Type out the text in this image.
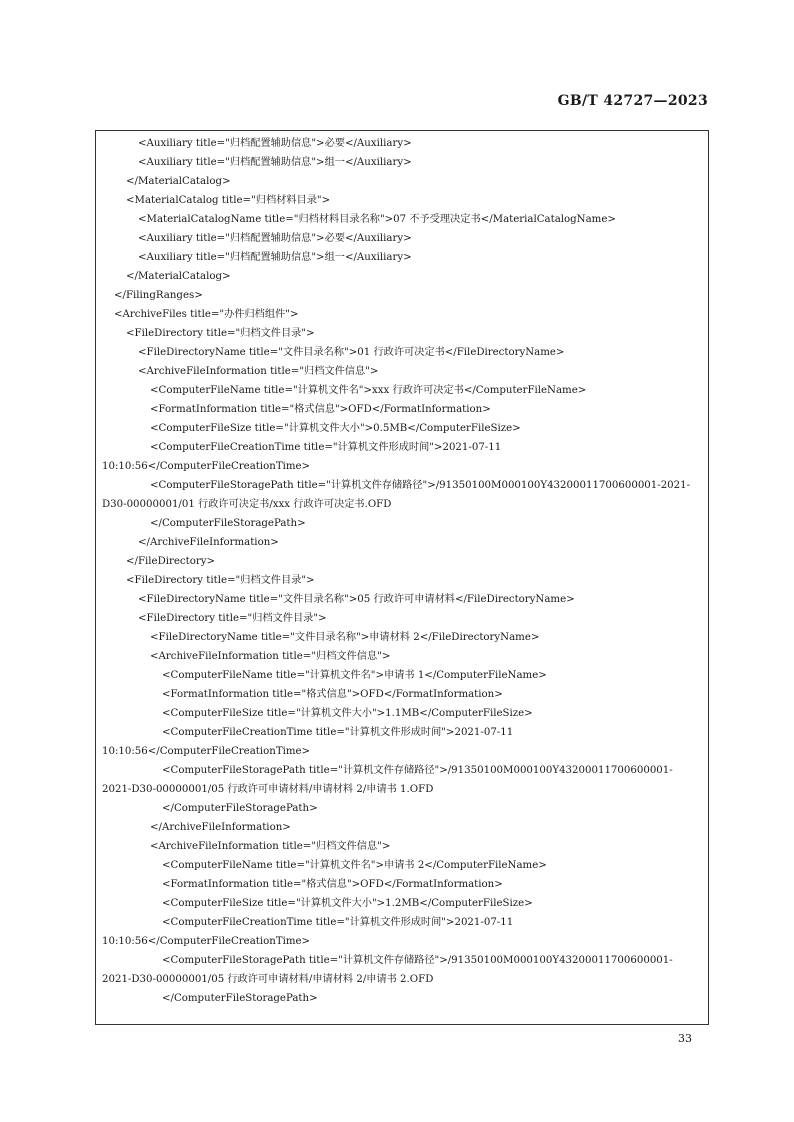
GB/T 42727—2023
<Auxiliary title="归档配置辅助信息">必要</Auxiliary>
<Auxiliary title="归档配置辅助信息">组一</Auxiliary>
</MaterialCatalog>
<MaterialCatalog title="归档材料目录">
<MaterialCatalogName title="归档材料目录名称">07 不予受理决定书</MaterialCatalogName>
<Auxiliary title="归档配置辅助信息">必要</Auxiliary>
<Auxiliary title="归档配置辅助信息">组一</Auxiliary>
</MaterialCatalog>
</FilingRanges>
<ArchiveFiles title="办件归档组件">
<FileDirectory title="归档文件目录">
<FileDirectoryName title="文件目录名称">01 行政许可决定书</FileDirectoryName>
<ArchiveFileInformation title="归档文件信息">
<ComputerFileName title="计算机文件名">xxx 行政许可决定书</ComputerFileName>
<FormatInformation title="格式信息">OFD</FormatInformation>
<ComputerFileSize title="计算机文件大小">0.5MB</ComputerFileSize>
<ComputerFileCreationTime title="计算机文件形成时间">2021-07-11
10:10:56</ComputerFileCreationTime>
<ComputerFileStoragePath title="计算机文件存储路径">/91350100M000100Y43200011700600001-2021-
D30-00000001/01 行政许可决定书/xxx 行政许可决定书.OFD
</ComputerFileStoragePath>
</ArchiveFileInformation>
</FileDirectory>
<FileDirectory title="归档文件目录">
<FileDirectoryName title="文件目录名称">05 行政许可申请材料</FileDirectoryName>
<FileDirectory title="归档文件目录">
<FileDirectoryName title="文件目录名称">申请材料 2</FileDirectoryName>
<ArchiveFileInformation title="归档文件信息">
<ComputerFileName title="计算机文件名">申请书 1</ComputerFileName>
<FormatInformation title="格式信息">OFD</FormatInformation>
<ComputerFileSize title="计算机文件大小">1.1MB</ComputerFileSize>
<ComputerFileCreationTime title="计算机文件形成时间">2021-07-11
10:10:56</ComputerFileCreationTime>
<ComputerFileStoragePath title="计算机文件存储路径">/91350100M000100Y43200011700600001-
2021-D30-00000001/05 行政许可申请材料/申请材料 2/申请书 1.OFD
</ComputerFileStoragePath>
</ArchiveFileInformation>
<ArchiveFileInformation title="归档文件信息">
<ComputerFileName title="计算机文件名">申请书 2</ComputerFileName>
<FormatInformation title="格式信息">OFD</FormatInformation>
<ComputerFileSize title="计算机文件大小">1.2MB</ComputerFileSize>
<ComputerFileCreationTime title="计算机文件形成时间">2021-07-11
10:10:56</ComputerFileCreationTime>
<ComputerFileStoragePath title="计算机文件存储路径">/91350100M000100Y43200011700600001-
2021-D30-00000001/05 行政许可申请材料/申请材料 2/申请书 2.OFD
</ComputerFileStoragePath>
33
